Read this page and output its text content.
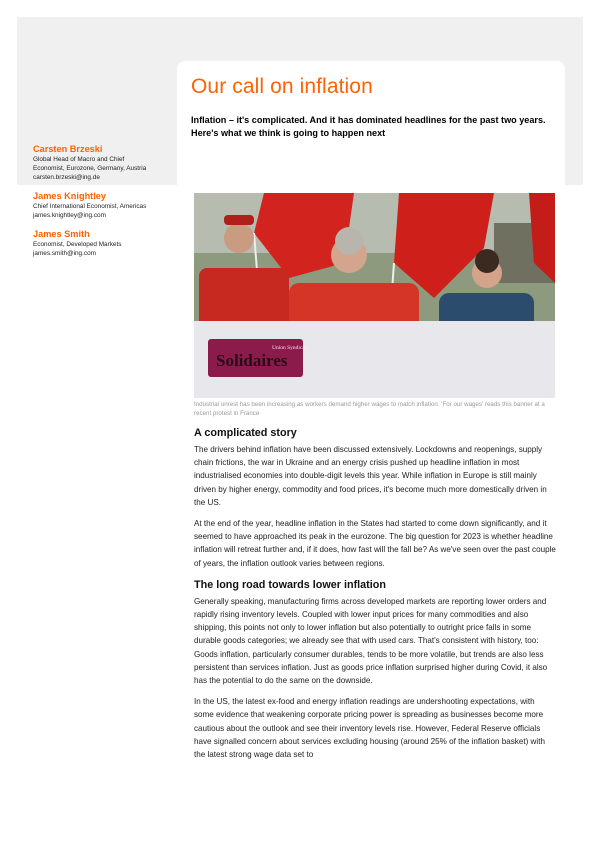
Our call on inflation

Inflation – it's complicated. And it has dominated headlines for the past two years. Here's what we think is going to happen next

Carsten Brzeski
Global Head of Macro and Chief
Economist, Eurozone, Germany, Austria
carsten.brzeski@ing.de
James Knightley
Chief International Economist, Americas
james.knightley@ing.com
James Smith
Economist, Developed Markets
james.smith@ing.com
Solidaires
Union Syndicale

Industrial unrest has been increasing as workers demand higher wages to match inflation. 'For our wages' reads this banner at a recent protest in France

A complicated story

The drivers behind inflation have been discussed extensively. Lockdowns and reopenings, supply chain frictions, the war in Ukraine and an energy crisis pushed up headline inflation in most industrialised economies into double-digit levels this year. While inflation in Europe is still mainly driven by higher energy, commodity and food prices, it's become much more domestically driven in the US.

At the end of the year, headline inflation in the States had started to come down significantly, and it seemed to have approached its peak in the eurozone. The big question for 2023 is whether headline inflation will retreat further and, if it does, how fast will the fall be? As we've seen over the past couple of years, the inflation outlook varies between regions.

The long road towards lower inflation

Generally speaking, manufacturing firms across developed markets are reporting lower orders and rapidly rising inventory levels. Coupled with lower input prices for many commodities and also shipping, this points not only to lower inflation but also potentially to outright price falls in some durable goods categories; we already see that with used cars. That's consistent with history, too: Goods inflation, particularly consumer durables, tends to be more volatile, but trends are also less persistent than services inflation. Just as goods price inflation surprised higher during Covid, it also has the potential to do the same on the downside.

In the US, the latest ex-food and energy inflation readings are undershooting expectations, with some evidence that weakening corporate pricing power is spreading as businesses become more cautious about the outlook and see their inventory levels rise. However, Federal Reserve officials have signalled concern about services excluding housing (around 25% of the inflation basket) with the latest strong wage data set to
